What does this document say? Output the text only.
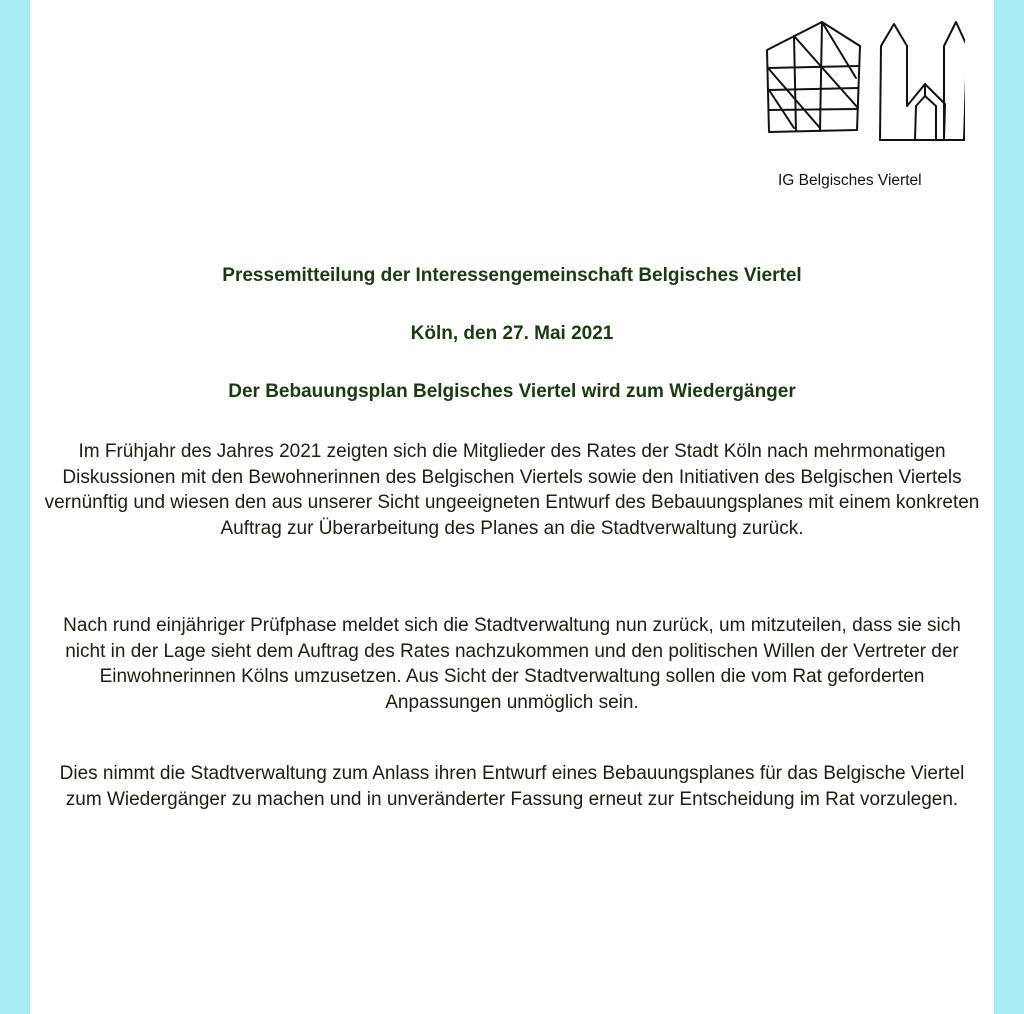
IG Belgisches Viertel
Pressemitteilung der Interessengemeinschaft Belgisches Viertel
Köln, den 27. Mai 2021
Der Bebauungsplan Belgisches Viertel wird zum Wiedergänger

Im Frühjahr des Jahres 2021 zeigten sich die Mitglieder des Rates der Stadt Köln nach mehrmonatigen Diskussionen mit den Bewohnerinnen des Belgischen Viertels sowie den Initiativen des Belgischen Viertels vernünftig und wiesen den aus unserer Sicht ungeeigneten Entwurf des Bebauungsplanes mit einem konkreten Auftrag zur Überarbeitung des Planes an die Stadtverwaltung zurück.

Nach rund einjähriger Prüfphase meldet sich die Stadtverwaltung nun zurück, um mitzuteilen, dass sie sich nicht in der Lage sieht dem Auftrag des Rates nachzukommen und den politischen Willen der Vertreter der Einwohnerinnen Kölns umzusetzen. Aus Sicht der Stadtverwaltung sollen die vom Rat geforderten Anpassungen unmöglich sein.

Dies nimmt die Stadtverwaltung zum Anlass ihren Entwurf eines Bebauungsplanes für das Belgische Viertel zum Wiedergänger zu machen und in unveränderter Fassung erneut zur Entscheidung im Rat vorzulegen.
